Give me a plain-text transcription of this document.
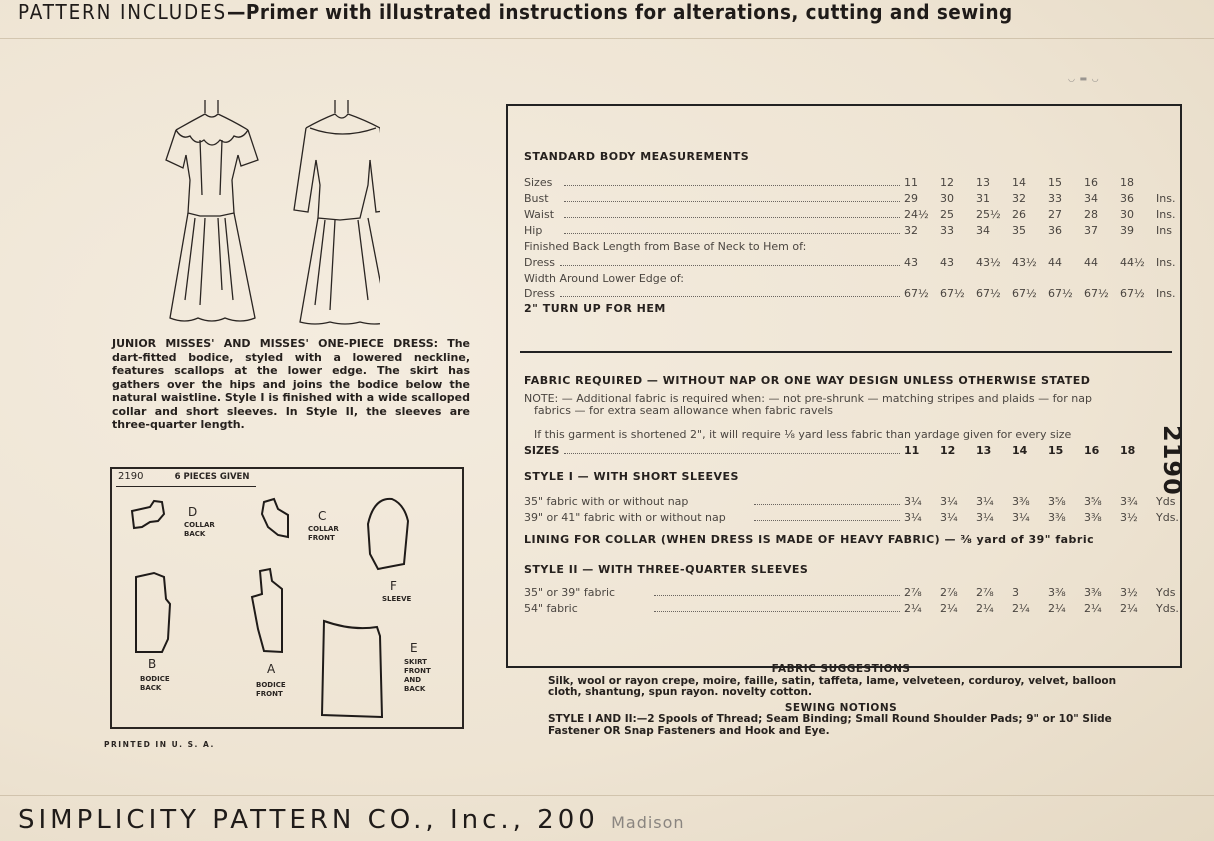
PATTERN INCLUDES—Primer with illustrated instructions for alterations, cutting and sewing
◡ ▬ ◡
JUNIOR MISSES' AND MISSES' ONE-PIECE DRESS: The dart-fitted bodice, styled with a lowered neckline, features scallops at the lower edge. The skirt has gathers over the hips and joins the bodice below the natural waistline. Style I is finished with a wide scalloped collar and short sleeves. In Style II, the sleeves are three-quarter length.
2190	6 PIECES GIVEN
D
COLLAR BACK
C
COLLAR FRONT
F
SLEEVE
B
BODICE BACK
A
BODICE FRONT
E
SKIRT FRONT AND BACK
PRINTED IN U. S. A.
SIMPLICITY PATTERN CO., Inc., 200 Madison
2190
STANDARD BODY MEASUREMENTS
2" TURN UP FOR HEM
FABRIC REQUIRED — WITHOUT NAP OR ONE WAY DESIGN UNLESS OTHERWISE STATED
NOTE: — Additional fabric is required when: — not pre-shrunk — matching stripes and plaids — for nap
fabrics — for extra seam allowance when fabric ravels
If this garment is shortened 2", it will require ⅛ yard less fabric than yardage given for every size
STYLE I — WITH SHORT SLEEVES
LINING FOR COLLAR (WHEN DRESS IS MADE OF HEAVY FABRIC) — ⅜ yard of 39" fabric
STYLE II — WITH THREE-QUARTER SLEEVES
Sizes	11	12	13	14	15	16	18
Bust	29	30	31	32	33	34	36	Ins.
Waist	24½	25	25½	26	27	28	30	Ins.
Hip	32	33	34	35	36	37	39	Ins
Finished Back Length from Base of Neck to Hem of:
Dress	43	43	43½	43½	44	44	44½	Ins.
Width Around Lower Edge of:
Dress	67½	67½	67½	67½	67½	67½	67½	Ins.
SIZES	11	12	13	14	15	16	18
35" fabric with or without nap	3¼	3¼	3¼	3⅜	3⅝	3⅝	3¾	Yds
39" or 41" fabric with or without nap	3¼	3¼	3¼	3¼	3⅜	3⅜	3½	Yds.
35" or 39" fabric	2⅞	2⅞	2⅞	3	3⅜	3⅜	3½	Yds
54" fabric	2¼	2¼	2¼	2¼	2¼	2¼	2¼	Yds.
FABRIC SUGGESTIONS
Silk, wool or rayon crepe, moire, faille, satin, taffeta, lame, velveteen, corduroy, velvet, balloon cloth, shantung, spun rayon. novelty cotton.
SEWING NOTIONS
STYLE I AND II:—2 Spools of Thread; Seam Binding; Small Round Shoulder Pads; 9" or 10" Slide Fastener OR Snap Fasteners and Hook and Eye.
